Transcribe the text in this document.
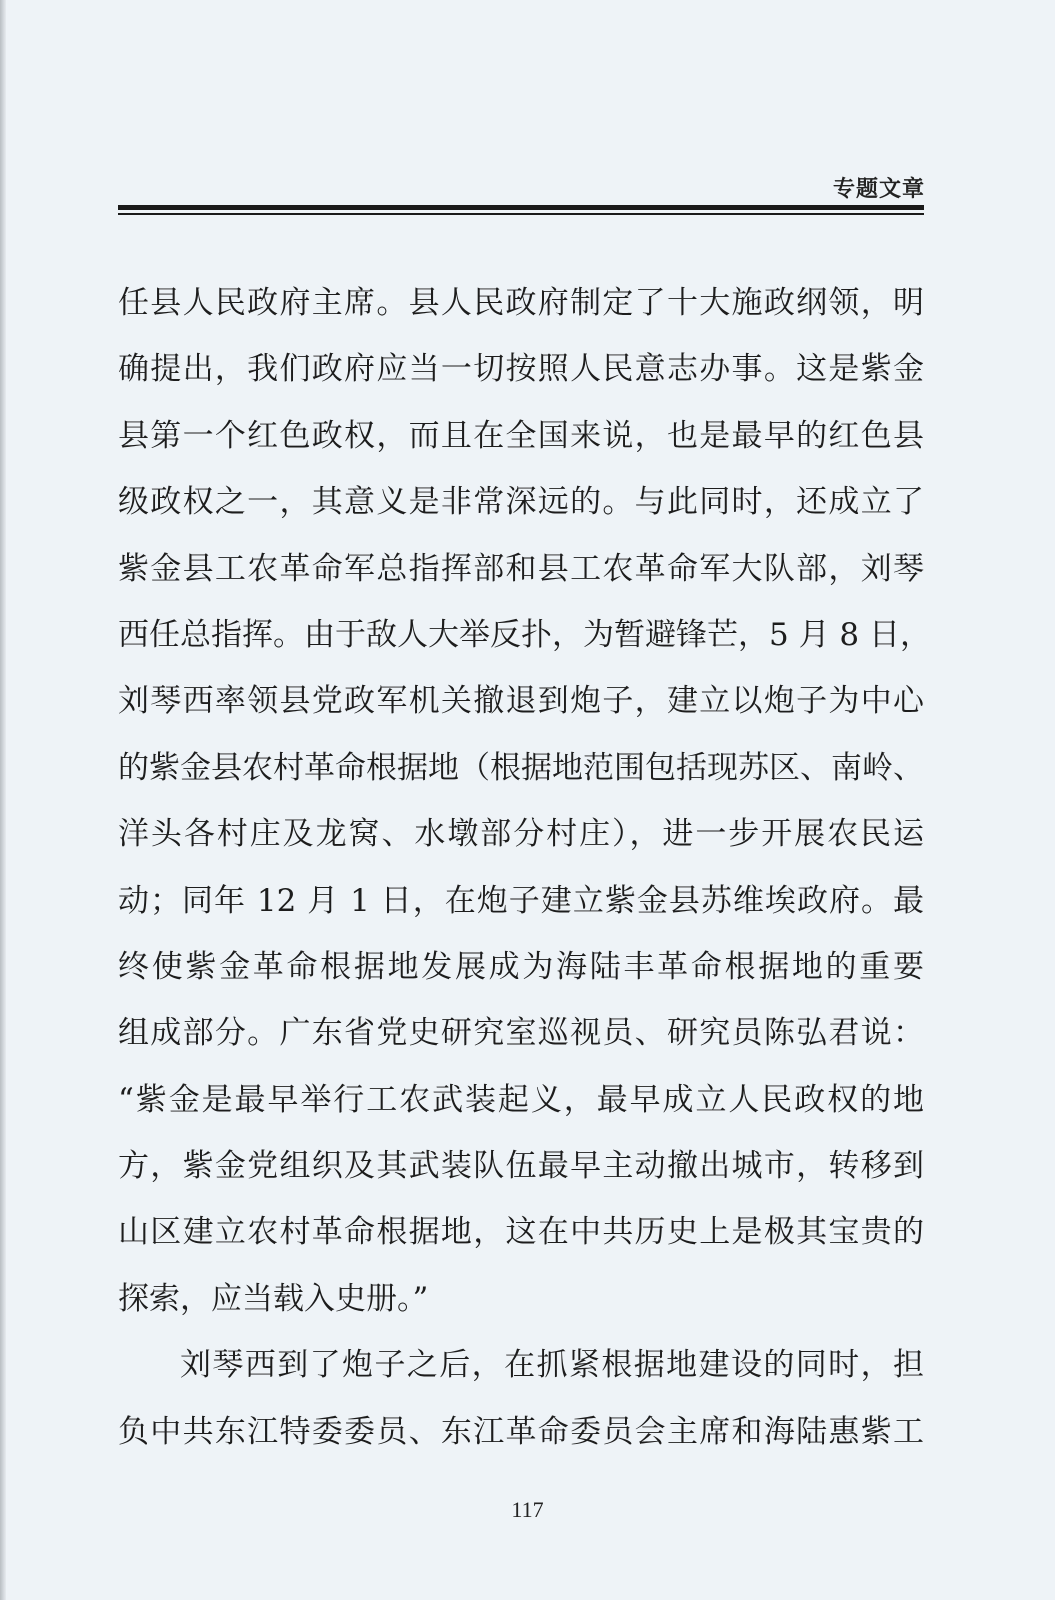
专题文章
任县人民政府主席。县人民政府制定了十大施政纲领，明
确提出，我们政府应当一切按照人民意志办事。这是紫金
县第一个红色政权，而且在全国来说，也是最早的红色县
级政权之一，其意义是非常深远的。与此同时，还成立了
紫金县工农革命军总指挥部和县工农革命军大队部，刘琴
西任总指挥。由于敌人大举反扑，为暂避锋芒，5 月 8 日，
刘琴西率领县党政军机关撤退到炮子，建立以炮子为中心
的紫金县农村革命根据地（根据地范围包括现苏区、南岭、
洋头各村庄及龙窝、水墩部分村庄），进一步开展农民运
动；同年 12 月 1 日，在炮子建立紫金县苏维埃政府。最
终使紫金革命根据地发展成为海陆丰革命根据地的重要
组成部分。广东省党史研究室巡视员、研究员陈弘君说：
“紫金是最早举行工农武装起义，最早成立人民政权的地
方，紫金党组织及其武装队伍最早主动撤出城市，转移到
山区建立农村革命根据地，这在中共历史上是极其宝贵的
探索，应当载入史册。”
刘琴西到了炮子之后，在抓紧根据地建设的同时，担
负中共东江特委委员、东江革命委员会主席和海陆惠紫工
117
